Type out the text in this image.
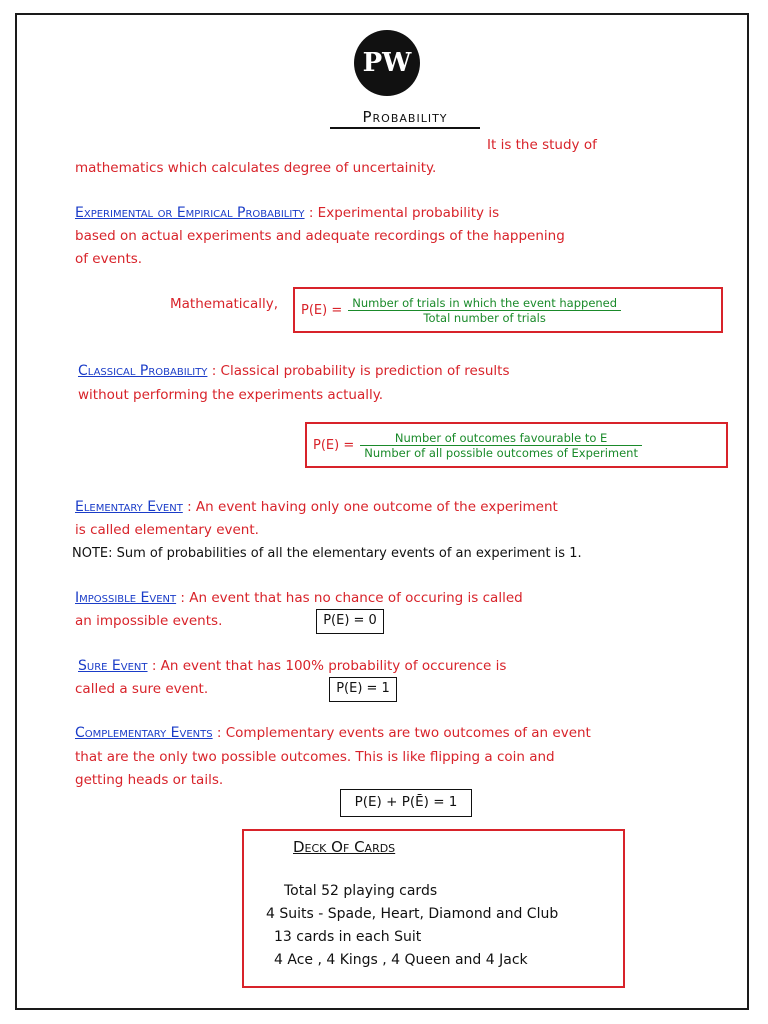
PW
Probability
It is the study of
mathematics which calculates degree of uncertainity.
Experimental or Empirical Probability : Experimental probability is
based on actual experiments and adequate recordings of the happening
of events.
Mathematically, $P(E) = \frac{\text{Number of trials in which the event happened}}{\text{Total number of trials}}$
Classical Probability : Classical probability is prediction of results
without performing the experiments actually.
$P(E) = \frac{\text{Number of outcomes favourable to E}}{\text{Number of all possible outcomes of Experiment}}$
Elementary Event : An event having only one outcome of the experiment
is called elementary event.
NOTE: Sum of probabilities of all the elementary events of an experiment is 1.
Impossible Event : An event that has no chance of occuring is called
an impossible events.	P(E) = 0
Sure Event : An event that has 100% probability of occurence is
called a sure event.	P(E) = 1
Complementary Events : Complementary events are two outcomes of an event
that are the only two possible outcomes. This is like flipping a coin and
getting heads or tails.
P(E) + P(Ē) = 1
Deck Of Cards
Total 52 playing cards
4 Suits - Spade, Heart, Diamond and Club
13 cards in each Suit
4 Ace , 4 Kings , 4 Queen and 4 Jack
